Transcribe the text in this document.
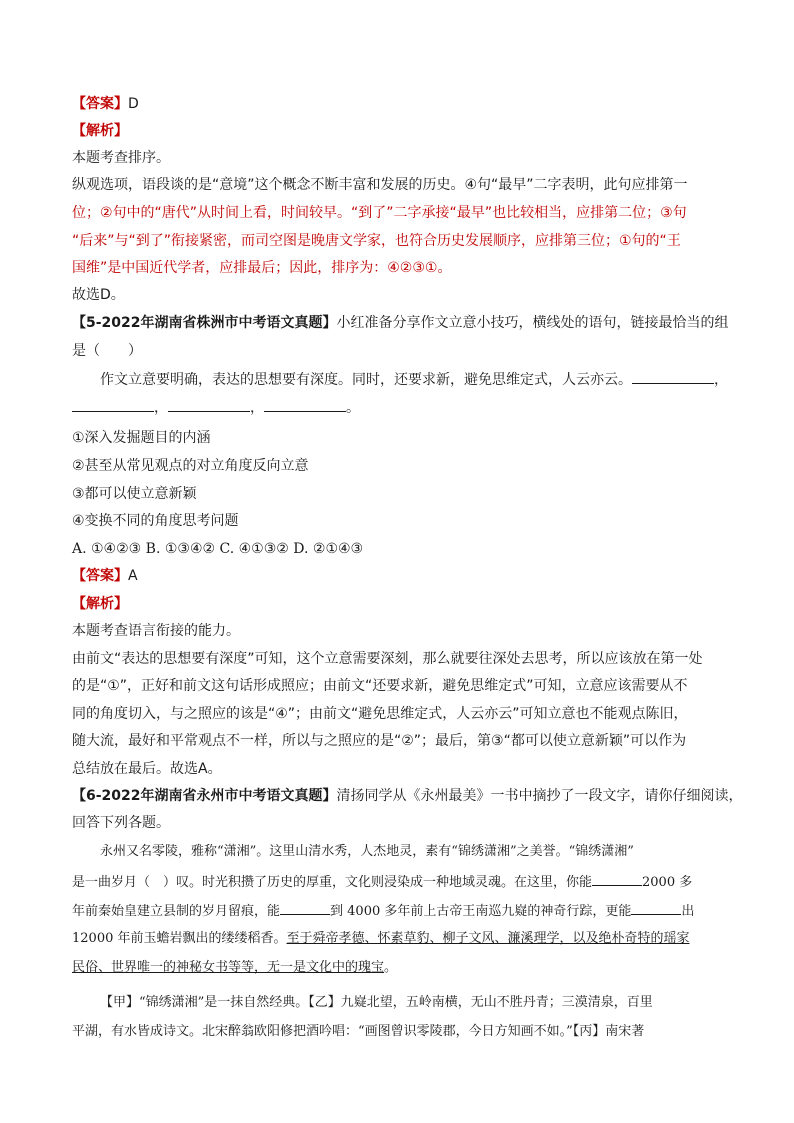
【答案】D
【解析】
本题考查排序。
纵观选项，语段谈的是“意境”这个概念不断丰富和发展的历史。④句“最早”二字表明，此句应排第一
位；②句中的“唐代”从时间上看，时间较早。“到了”二字承接“最早”也比较相当，应排第二位；③句
“后来”与“到了”衔接紧密，而司空图是晚唐文学家，也符合历史发展顺序，应排第三位；①句的“王
国维”是中国近代学者，应排最后；因此，排序为：④②③①。
故选D。
【5-2022年湖南省株洲市中考语文真题】小红准备分享作文立意小技巧，横线处的语句，链接最恰当的组
是（　　）
作文立意要明确，表达的思想要有深度。同时，还要求新，避免思维定式，人云亦云。	，
，	，	。
①深入发掘题目的内涵
②甚至从常见观点的对立角度反向立意
③都可以使立意新颖
④变换不同的角度思考问题
A. ①④②③ B. ①③④② C. ④①③② D. ②①④③
【答案】A
【解析】
本题考查语言衔接的能力。
由前文“表达的思想要有深度”可知，这个立意需要深刻，那么就要往深处去思考，所以应该放在第一处
的是“①”，正好和前文这句话形成照应；由前文“还要求新，避免思维定式”可知，立意应该需要从不
同的角度切入，与之照应的该是“④”；由前文“避免思维定式，人云亦云”可知立意也不能观点陈旧，
随大流，最好和平常观点不一样，所以与之照应的是“②”；最后，第③“都可以使立意新颖”可以作为
总结放在最后。故选A。
【6-2022年湖南省永州市中考语文真题】清扬同学从《永州最美》一书中摘抄了一段文字，请你仔细阅读，
回答下列各题。
永州又名零陵，雅称“潇湘”。这里山清水秀，人杰地灵，素有“锦绣潇湘”之美誉。“锦绣潇湘”
是一曲岁月（　）叹。时光积攒了历史的厚重，文化则浸染成一种地域灵魂。在这里，你能	2000 多
年前秦始皇建立县制的岁月留痕，能	到 4000 多年前上古帝王南巡九嶷的神奇行踪，更能	出
12000 年前玉蟾岩飘出的缕缕稻香。至于舜帝孝德、怀素草豹、柳子文风、濂溪理学，以及绝朴奇特的瑶家
民俗、世界唯一的神秘女书等等，无一是文化中的瑰宝。
【甲】“锦绣潇湘”是一抹自然经典。【乙】九嶷北望，五岭南横，无山不胜丹青；三漠清泉，百里
平湖，有水皆成诗文。北宋醉翁欧阳修把酒吟唱：“画图曾识零陵郡，今日方知画不如。”【丙】南宋著
